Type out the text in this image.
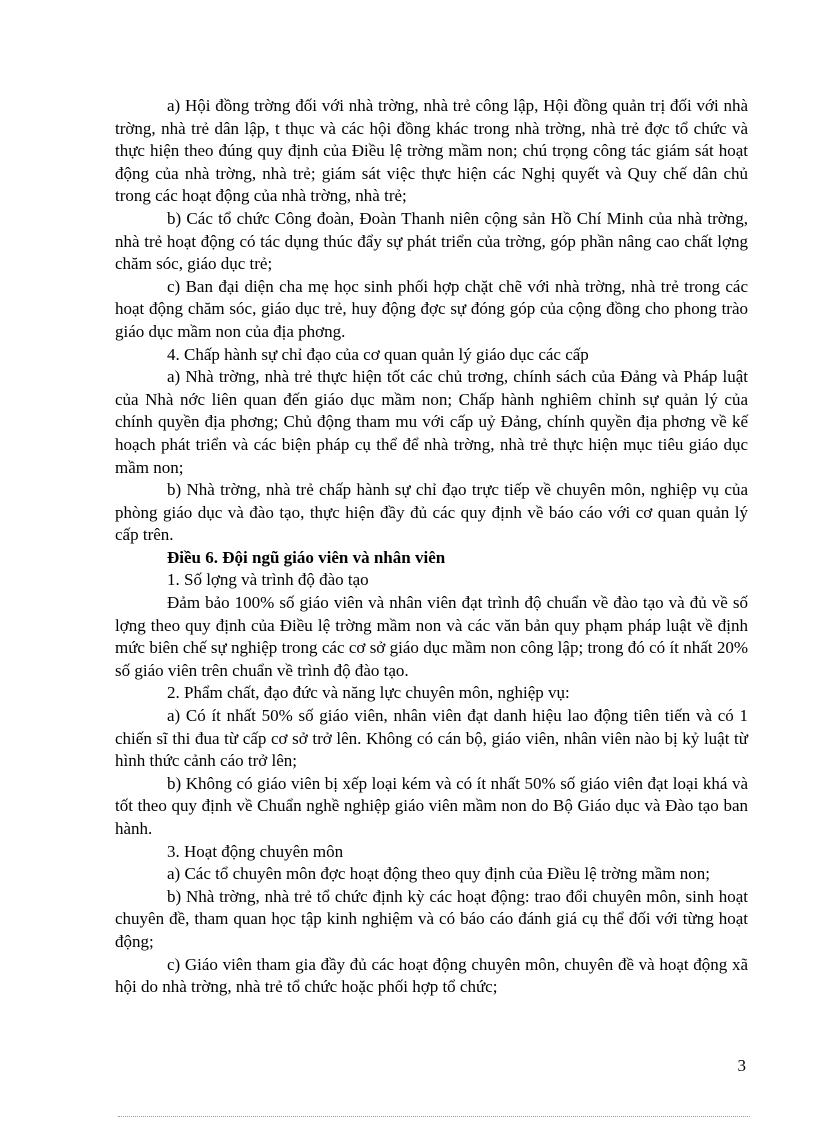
a) Hội đồng trờng đối với nhà trờng, nhà trẻ công lập, Hội đồng quản trị đối với nhà trờng, nhà trẻ dân lập, t thục và các hội đồng khác trong nhà trờng, nhà trẻ đợc tổ chức và thực hiện theo đúng quy định của Điều lệ trờng mầm non; chú trọng công tác giám sát hoạt động của nhà trờng, nhà trẻ; giám sát việc thực hiện các Nghị quyết và Quy chế dân chủ trong các hoạt động của nhà trờng, nhà trẻ;

b) Các tổ chức Công đoàn, Đoàn Thanh niên cộng sản Hồ Chí Minh của nhà trờng, nhà trẻ hoạt động có tác dụng thúc đẩy sự phát triển của trờng, góp phần nâng cao chất lợng chăm sóc, giáo dục trẻ;

c) Ban đại diện cha mẹ học sinh phối hợp chặt chẽ với nhà trờng, nhà trẻ trong các hoạt động chăm sóc, giáo dục trẻ, huy động đợc sự đóng góp của cộng đồng cho phong trào giáo dục mầm non của địa phơng.

4. Chấp hành sự chỉ đạo của cơ quan quản lý giáo dục các cấp

a) Nhà trờng, nhà trẻ thực hiện tốt các chủ trơng, chính sách của Đảng và Pháp luật của Nhà nớc liên quan đến giáo dục mầm non; Chấp hành nghiêm chỉnh sự quản lý của chính quyền địa phơng; Chủ động tham mu với cấp uỷ Đảng, chính quyền địa phơng về kế hoạch phát triển và các biện pháp cụ thể để nhà trờng, nhà trẻ thực hiện mục tiêu giáo dục mầm non;

b) Nhà trờng, nhà trẻ chấp hành sự chỉ đạo trực tiếp về chuyên môn, nghiệp vụ của phòng giáo dục và đào tạo, thực hiện đầy đủ các quy định về báo cáo với cơ quan quản lý cấp trên.

Điều 6. Đội ngũ giáo viên và nhân viên

1. Số lợng và trình độ đào tạo

Đảm bảo 100% số giáo viên và nhân viên đạt trình độ chuẩn về đào tạo và đủ về số lợng theo quy định của Điều lệ trờng mầm non và các văn bản quy phạm pháp luật về định mức biên chế sự nghiệp trong các cơ sở giáo dục mầm non công lập; trong đó có ít nhất 20% số giáo viên trên chuẩn về trình độ đào tạo.

2. Phẩm chất, đạo đức và năng lực chuyên môn, nghiệp vụ:

a) Có ít nhất 50% số giáo viên, nhân viên đạt danh hiệu lao động tiên tiến và có 1 chiến sĩ thi đua từ cấp cơ sở trở lên. Không có cán bộ, giáo viên, nhân viên nào bị kỷ luật từ hình thức cảnh cáo trở lên;

b) Không có giáo viên bị xếp loại kém và có ít nhất 50% số giáo viên đạt loại khá và tốt theo quy định về Chuẩn nghề nghiệp giáo viên mầm non do Bộ Giáo dục và Đào tạo ban hành.

3. Hoạt động chuyên môn

a) Các tổ chuyên môn đợc hoạt động theo quy định của Điều lệ trờng mầm non;

b) Nhà trờng, nhà trẻ tổ chức định kỳ các hoạt động: trao đổi chuyên môn, sinh hoạt chuyên đề, tham quan học tập kinh nghiệm và có báo cáo đánh giá cụ thể đối với từng hoạt động;

c) Giáo viên tham gia đầy đủ các hoạt động chuyên môn, chuyên đề và hoạt động xã hội do nhà trờng, nhà trẻ tổ chức hoặc phối hợp tổ chức;

3
